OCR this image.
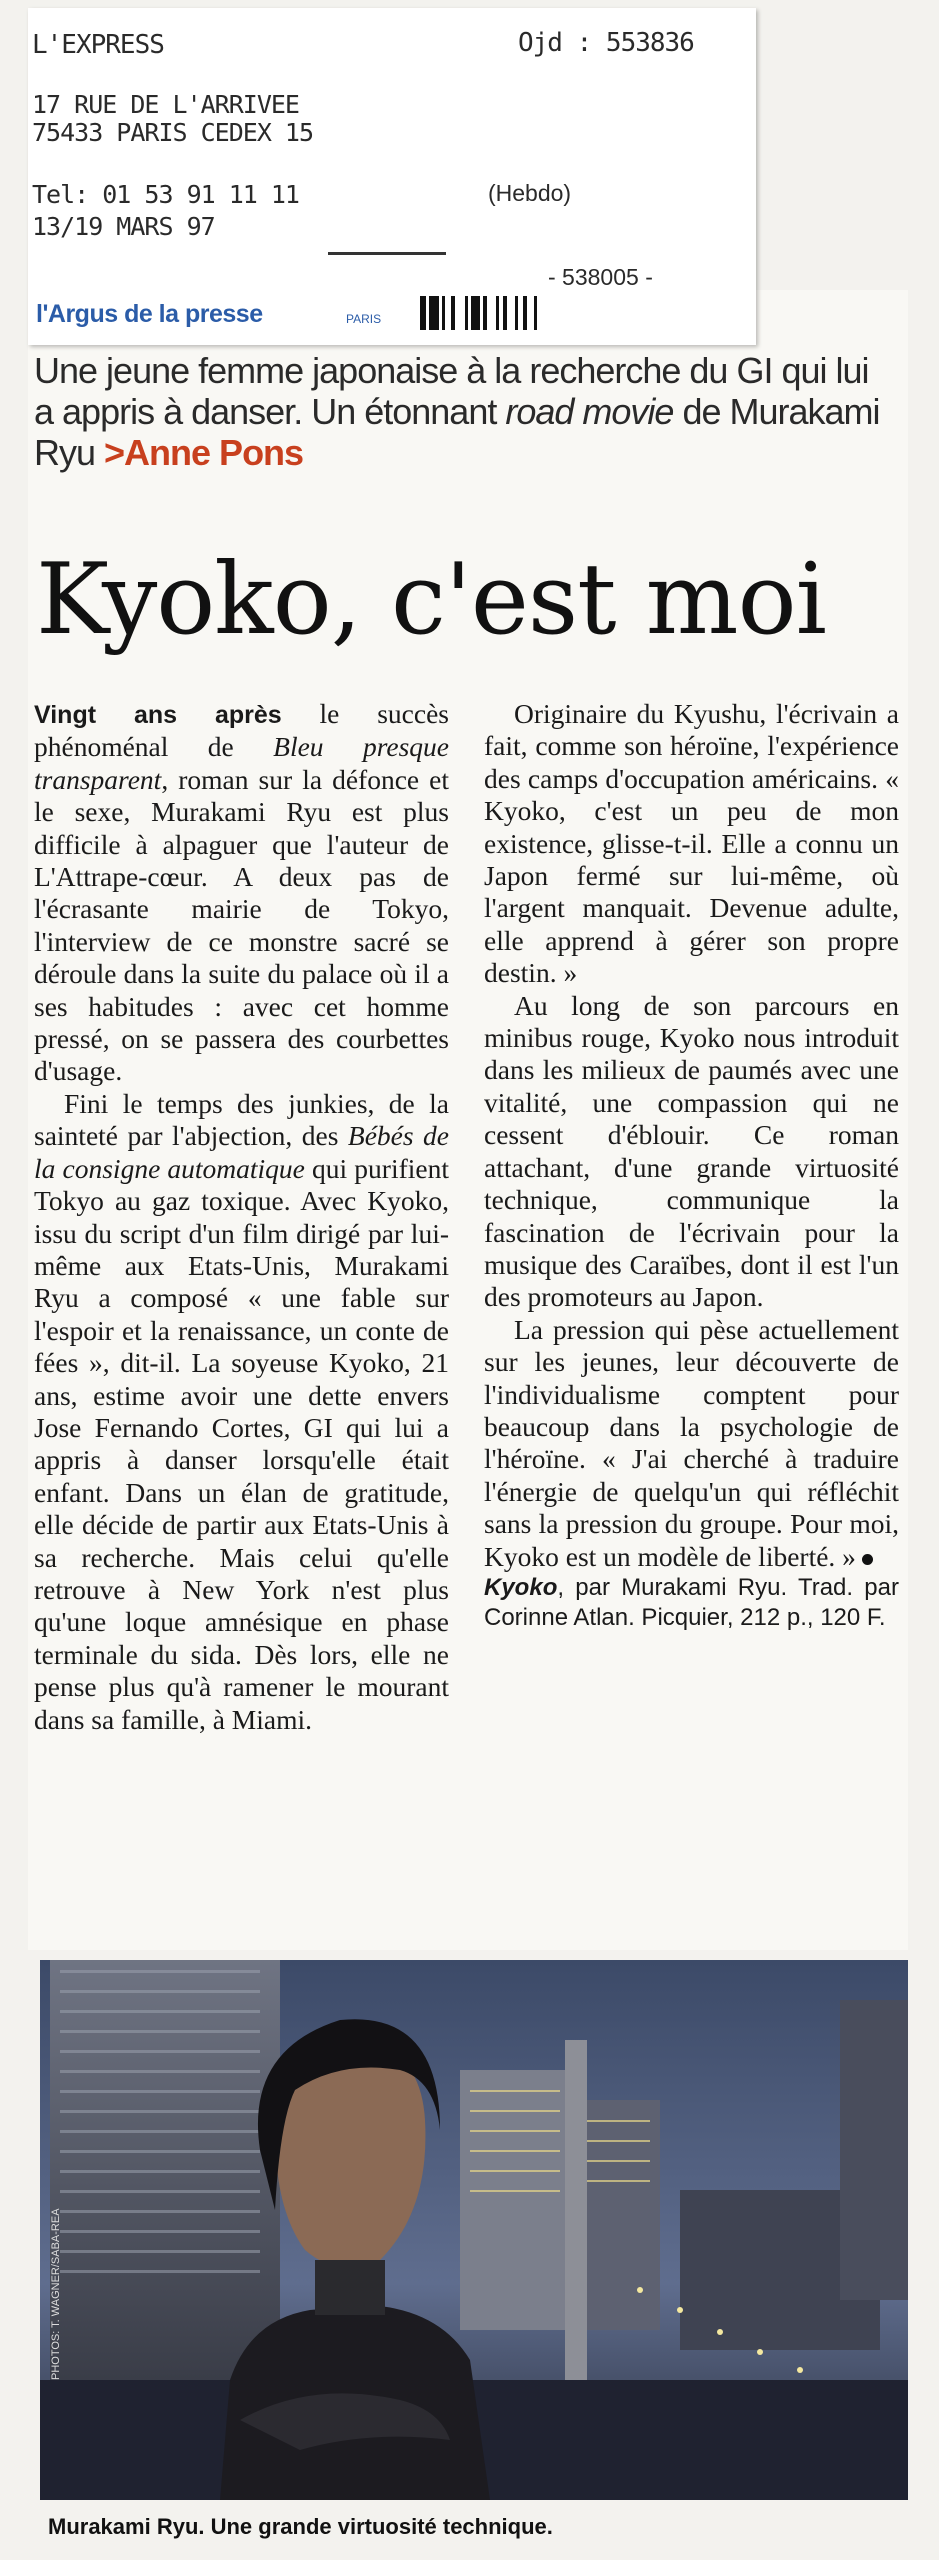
L'EXPRESS	Ojd : 553836
17 RUE DE L'ARRIVEE
75433 PARIS CEDEX 15
Tel: 01 53 91 11 11	(Hebdo)
13/19 MARS 97
- 538005 -
l'Argus de la presse	PARIS
Une jeune femme japonaise à la recherche du GI qui lui a appris à danser. Un étonnant road movie de Murakami Ryu >Anne Pons
Kyoko, c'est moi

Vingt ans après le succès phénoménal de Bleu presque transparent, roman sur la défonce et le sexe, Murakami Ryu est plus difficile à alpaguer que l'auteur de L'Attrape-cœur. A deux pas de l'écrasante mairie de Tokyo, l'interview de ce monstre sacré se déroule dans la suite du palace où il a ses habitudes : avec cet homme pressé, on se passera des courbettes d'usage.

Fini le temps des junkies, de la sainteté par l'abjection, des Bébés de la consigne automatique qui purifient Tokyo au gaz toxique. Avec Kyoko, issu du script d'un film dirigé par lui-même aux Etats-Unis, Murakami Ryu a composé « une fable sur l'espoir et la renaissance, un conte de fées », dit-il. La soyeuse Kyoko, 21 ans, estime avoir une dette envers Jose Fernando Cortes, GI qui lui a appris à danser lorsqu'elle était enfant. Dans un élan de gratitude, elle décide de partir aux Etats-Unis à sa recherche. Mais celui qu'elle retrouve à New York n'est plus qu'une loque amnésique en phase terminale du sida. Dès lors, elle ne pense plus qu'à ramener le mourant dans sa famille, à Miami.

Originaire du Kyushu, l'écrivain a fait, comme son héroïne, l'expérience des camps d'occupation américains. « Kyoko, c'est un peu de mon existence, glisse-t-il. Elle a connu un Japon fermé sur lui-même, où l'argent manquait. Devenue adulte, elle apprend à gérer son propre destin. »

Au long de son parcours en minibus rouge, Kyoko nous introduit dans les milieux de paumés avec une vitalité, une compassion qui ne cessent d'éblouir. Ce roman attachant, d'une grande virtuosité technique, communique la fascination de l'écrivain pour la musique des Caraïbes, dont il est l'un des promoteurs au Japon.

La pression qui pèse actuellement sur les jeunes, leur découverte de l'individualisme comptent pour beaucoup dans la psychologie de l'héroïne. « J'ai cherché à traduire l'énergie de quelqu'un qui réfléchit sans la pression du groupe. Pour moi, Kyoko est un modèle de liberté. »

Kyoko, par Murakami Ryu. Trad. par Corinne Atlan. Picquier, 212 p., 120 F.

PHOTOS: T. WAGNER/SABA-REA
Murakami Ryu. Une grande virtuosité technique.
